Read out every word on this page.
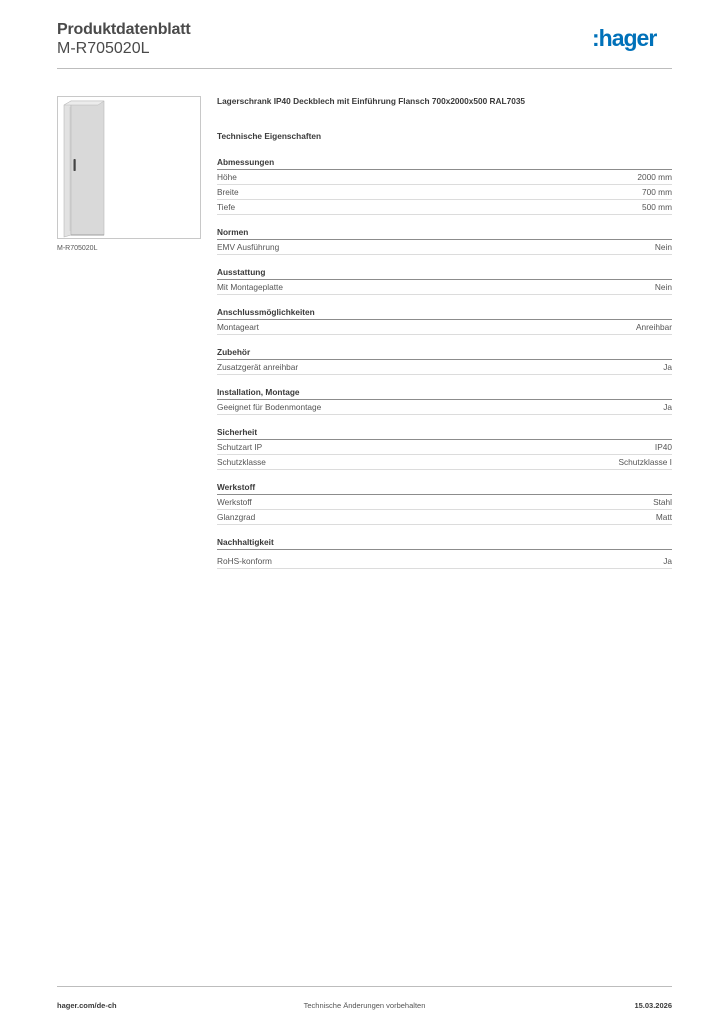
Produktdatenblatt
M-R705020L	:hager
M-R705020L
Lagerschrank IP40 Deckblech mit Einführung Flansch 700x2000x500 RAL7035
Technische Eigenschaften
Abmessungen
Höhe	2000 mm
Breite	700 mm
Tiefe	500 mm
Normen
EMV Ausführung	Nein
Ausstattung
Mit Montageplatte	Nein
Anschlussmöglichkeiten
Montageart	Anreihbar
Zubehör
Zusatzgerät anreihbar	Ja
Installation, Montage
Geeignet für Bodenmontage	Ja
Sicherheit
Schutzart IP	IP40
Schutzklasse	Schutzklasse I
Werkstoff
Werkstoff	Stahl
Glanzgrad	Matt
Nachhaltigkeit
RoHS-konform	Ja
hager.com/de-ch	Technische Änderungen vorbehalten	15.03.2026
